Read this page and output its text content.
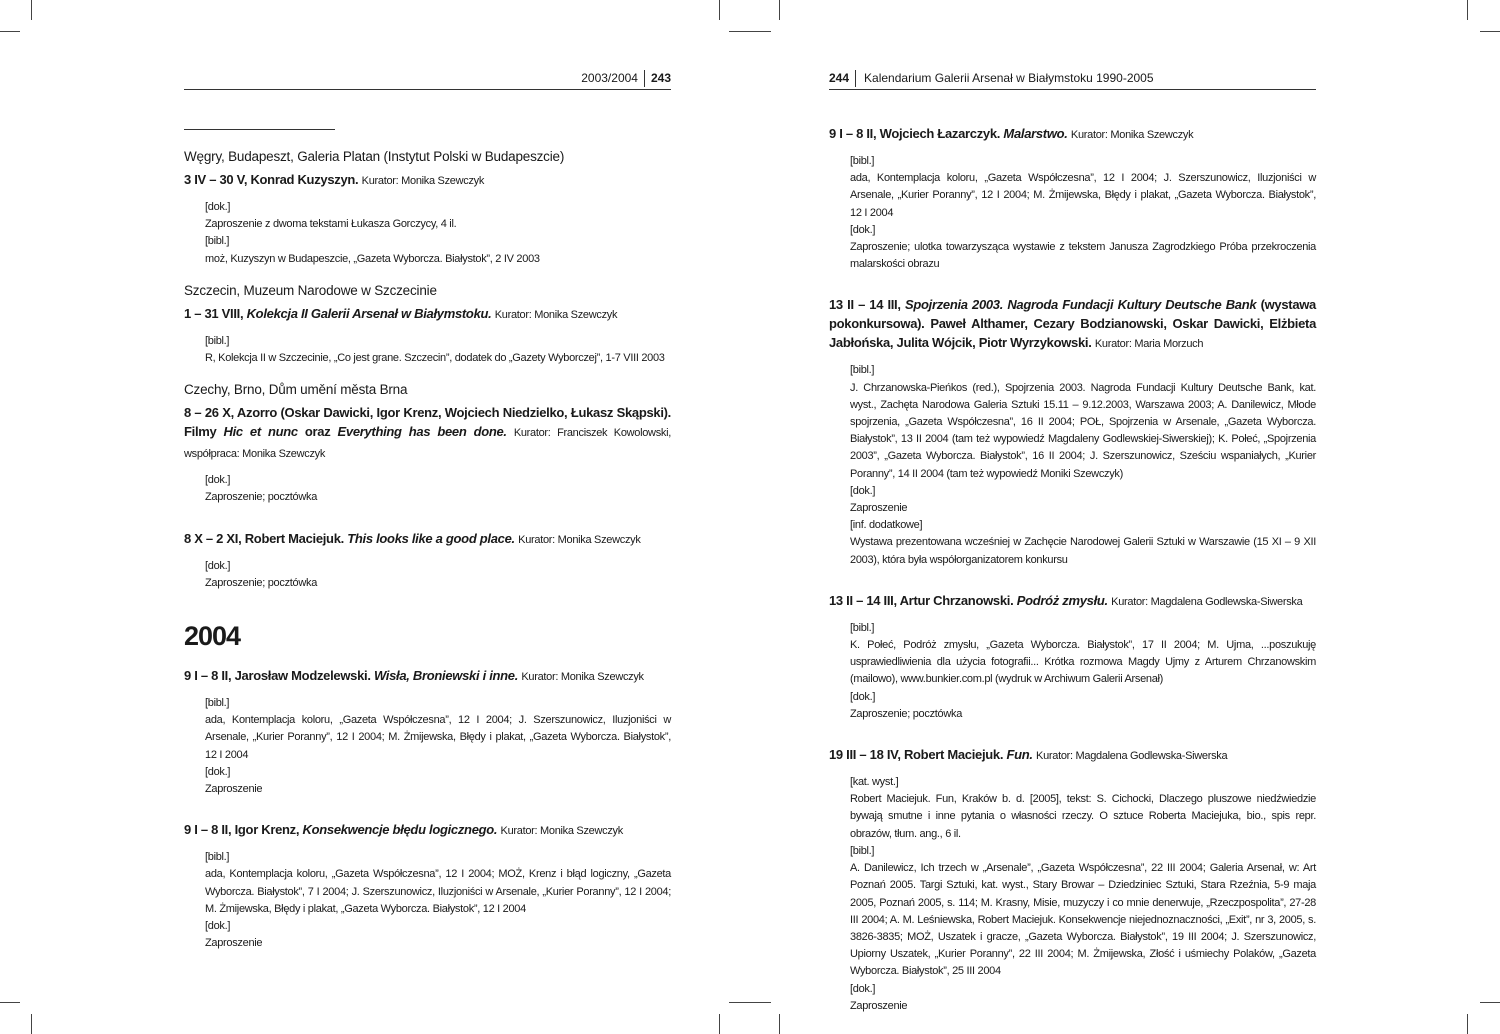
2003/2004 243
Węgry, Budapeszt, Galeria Platan (Instytut Polski w Budapeszcie)
3 IV – 30 V, Konrad Kuzyszyn. Kurator: Monika Szewczyk

[dok.]

Zaproszenie z dwoma tekstami Łukasza Gorczycy, 4 il.

[bibl.]

moż, Kuzyszyn w Budapeszcie, „Gazeta Wyborcza. Białystok”, 2 IV 2003

Szczecin, Muzeum Narodowe w Szczecinie
1 – 31 VIII, Kolekcja II Galerii Arsenał w Białymstoku. Kurator: Monika Szewczyk

[bibl.]

R, Kolekcja II w Szczecinie, „Co jest grane. Szczecin”, dodatek do „Gazety Wyborczej”, 1-7 VIII 2003

Czechy, Brno, Dům umění města Brna
8 – 26 X, Azorro (Oskar Dawicki, Igor Krenz, Wojciech Niedzielko, Łukasz Skąpski). Filmy Hic et nunc oraz Everything has been done. Kurator: Franciszek Kowolowski, współpraca: Monika Szewczyk

[dok.]

Zaproszenie; pocztówka

8 X – 2 XI, Robert Maciejuk. This looks like a good place. Kurator: Monika Szewczyk

[dok.]

Zaproszenie; pocztówka

2004
9 I – 8 II, Jarosław Modzelewski. Wisła, Broniewski i inne. Kurator: Monika Szewczyk

[bibl.]

ada, Kontemplacja koloru, „Gazeta Współczesna”, 12 I 2004; J. Szerszunowicz, Iluzjoniści w Arsenale, „Kurier Poranny”, 12 I 2004; M. Żmijewska, Błędy i plakat, „Gazeta Wyborcza. Białystok”, 12 I 2004

[dok.]

Zaproszenie

9 I – 8 II, Igor Krenz, Konsekwencje błędu logicznego. Kurator: Monika Szewczyk

[bibl.]

ada, Kontemplacja koloru, „Gazeta Współczesna”, 12 I 2004; MOŻ, Krenz i błąd logiczny, „Gazeta Wyborcza. Białystok”, 7 I 2004; J. Szerszunowicz, Iluzjoniści w Arsenale, „Kurier Poranny”, 12 I 2004; M. Żmijewska, Błędy i plakat, „Gazeta Wyborcza. Białystok”, 12 I 2004

[dok.]

Zaproszenie

244 Kalendarium Galerii Arsenał w Białymstoku 1990-2005
9 I – 8 II, Wojciech Łazarczyk. Malarstwo. Kurator: Monika Szewczyk

[bibl.]

ada, Kontemplacja koloru, „Gazeta Współczesna”, 12 I 2004; J. Szerszunowicz, Iluzjoniści w Arsenale, „Kurier Poranny”, 12 I 2004; M. Żmijewska, Błędy i plakat, „Gazeta Wyborcza. Białystok”, 12 I 2004

[dok.]

Zaproszenie; ulotka towarzysząca wystawie z tekstem Janusza Zagrodzkiego Próba przekroczenia malarskości obrazu

13 II – 14 III, Spojrzenia 2003. Nagroda Fundacji Kultury Deutsche Bank (wystawa pokonkursowa). Paweł Althamer, Cezary Bodzianowski, Oskar Dawicki, Elżbieta Jabłońska, Julita Wójcik, Piotr Wyrzykowski. Kurator: Maria Morzuch

[bibl.]

J. Chrzanowska-Pieńkos (red.), Spojrzenia 2003. Nagroda Fundacji Kultury Deutsche Bank, kat. wyst., Zachęta Narodowa Galeria Sztuki 15.11 – 9.12.2003, Warszawa 2003; A. Danilewicz, Młode spojrzenia, „Gazeta Współczesna”, 16 II 2004; POŁ, Spojrzenia w Arsenale, „Gazeta Wyborcza. Białystok”, 13 II 2004 (tam też wypowiedź Magdaleny Godlewskiej-Siwerskiej); K. Połeć, „Spojrzenia 2003”, „Gazeta Wyborcza. Białystok”, 16 II 2004; J. Szerszunowicz, Sześciu wspaniałych, „Kurier Poranny”, 14 II 2004 (tam też wypowiedź Moniki Szewczyk)

[dok.]

Zaproszenie

[inf. dodatkowe]

Wystawa prezentowana wcześniej w Zachęcie Narodowej Galerii Sztuki w Warszawie (15 XI – 9 XII 2003), która była współorganizatorem konkursu

13 II – 14 III, Artur Chrzanowski. Podróż zmysłu. Kurator: Magdalena Godlewska-Siwerska

[bibl.]

K. Połeć, Podróż zmysłu, „Gazeta Wyborcza. Białystok”, 17 II 2004; M. Ujma, ...poszukuję usprawiedliwienia dla użycia fotografii... Krótka rozmowa Magdy Ujmy z Arturem Chrzanowskim (mailowo), www.bunkier.com.pl (wydruk w Archiwum Galerii Arsenał)

[dok.]

Zaproszenie; pocztówka

19 III – 18 IV, Robert Maciejuk. Fun. Kurator: Magdalena Godlewska-Siwerska

[kat. wyst.]

Robert Maciejuk. Fun, Kraków b. d. [2005], tekst: S. Cichocki, Dlaczego pluszowe niedźwiedzie bywają smutne i inne pytania o własności rzeczy. O sztuce Roberta Maciejuka, bio., spis repr. obrazów, tłum. ang., 6 il.

[bibl.]

A. Danilewicz, Ich trzech w „Arsenale”, „Gazeta Współczesna”, 22 III 2004; Galeria Arsenał, w: Art Poznań 2005. Targi Sztuki, kat. wyst., Stary Browar – Dziedziniec Sztuki, Stara Rzeźnia, 5-9 maja 2005, Poznań 2005, s. 114; M. Krasny, Misie, muzyczy i co mnie denerwuje, „Rzeczpospolita”, 27-28 III 2004; A. M. Leśniewska, Robert Maciejuk. Konsekwencje niejednoznaczności, „Exit”, nr 3, 2005, s. 3826-3835; MOŻ, Uszatek i gracze, „Gazeta Wyborcza. Białystok”, 19 III 2004; J. Szerszunowicz, Upiorny Uszatek, „Kurier Poranny”, 22 III 2004; M. Żmijewska, Złość i uśmiechy Polaków, „Gazeta Wyborcza. Białystok”, 25 III 2004

[dok.]

Zaproszenie
